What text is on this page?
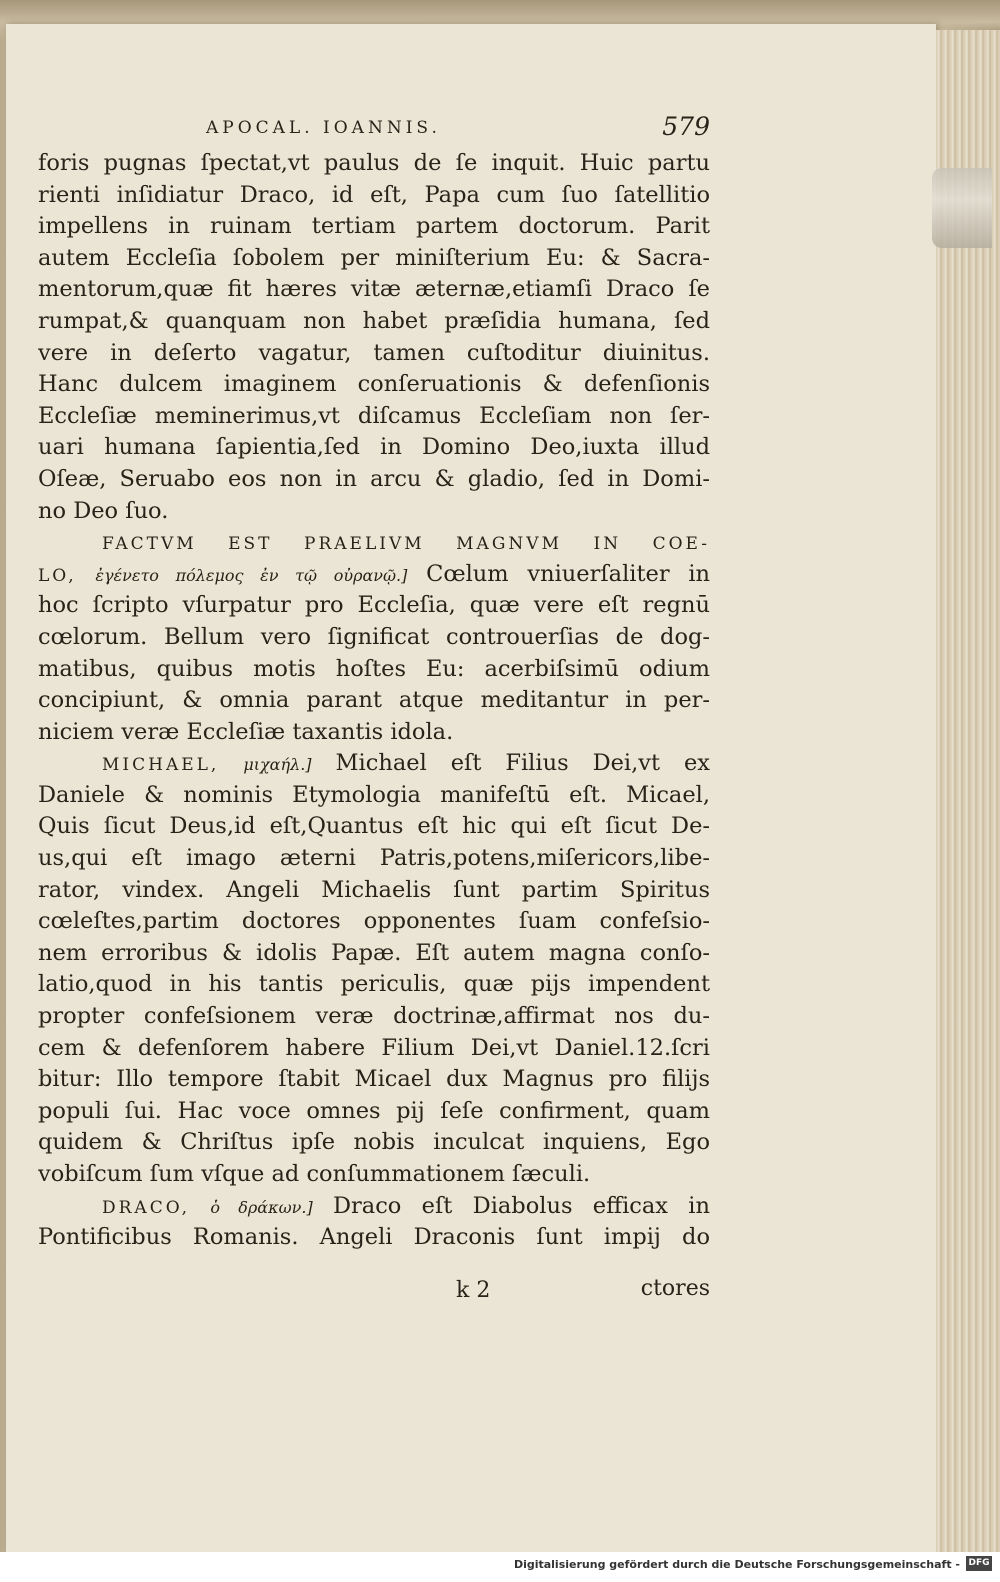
APOCAL. IOANNIS.	579
foris pugnas ſpectat,vt paulus de ſe inquit. Huic partu
rienti inſidiatur Draco, id eſt, Papa cum ſuo ſatellitio
impellens in ruinam tertiam partem doctorum. Parit
autem Eccleſia ſobolem per miniſterium Eu: & Sacra-
mentorum,quæ fit hæres vitæ æternæ,etiamſi Draco ſe
rumpat,& quanquam non habet præſidia humana, ſed
vere in deſerto vagatur, tamen cuſtoditur diuinitus.
Hanc dulcem imaginem conſeruationis & defenſionis
Eccleſiæ meminerimus,vt diſcamus Eccleſiam non ſer-
uari humana ſapientia,ſed in Domino Deo,iuxta illud
Oſeæ, Seruabo eos non in arcu & gladio, ſed in Domi-
no Deo ſuo.
FACTVM EST PRAELIVM MAGNVM IN COE-
LO, ἐγένετο πόλεμος ἐν τῷ οὐρανῷ.] Cœlum vniuerſaliter in
hoc ſcripto vſurpatur pro Eccleſia, quæ vere eſt regnū
cœlorum. Bellum vero ſignificat controuerſias de dog-
matibus, quibus motis hoſtes Eu: acerbiſsimū odium
concipiunt, & omnia parant atque meditantur in per-
niciem veræ Eccleſiæ taxantis idola.
MICHAEL, μιχαήλ.] Michael eſt Filius Dei,vt ex
Daniele & nominis Etymologia manifeſtū eſt. Micael,
Quis ſicut Deus,id eſt,Quantus eſt hic qui eſt ſicut De-
us,qui eſt imago æterni Patris,potens,miſericors,libe-
rator, vindex. Angeli Michaelis ſunt partim Spiritus
cœleſtes,partim doctores opponentes ſuam confeſsio-
nem erroribus & idolis Papæ. Eſt autem magna conſo-
latio,quod in his tantis periculis, quæ pijs impendent
propter confeſsionem veræ doctrinæ,affirmat nos du-
cem & defenſorem habere Filium Dei,vt Daniel.12.ſcri
bitur: Illo tempore ſtabit Micael dux Magnus pro filijs
populi ſui. Hac voce omnes pij ſeſe confirment, quam
quidem & Chriſtus ipſe nobis inculcat inquiens, Ego
vobiſcum ſum vſque ad conſummationem ſæculi.
DRACO, ὁ δράκων.] Draco eſt Diabolus efficax in
Pontificibus Romanis. Angeli Draconis ſunt impij do
k 2	ctores
Digitalisierung gefördert durch die Deutsche Forschungsgemeinschaft - DFG
